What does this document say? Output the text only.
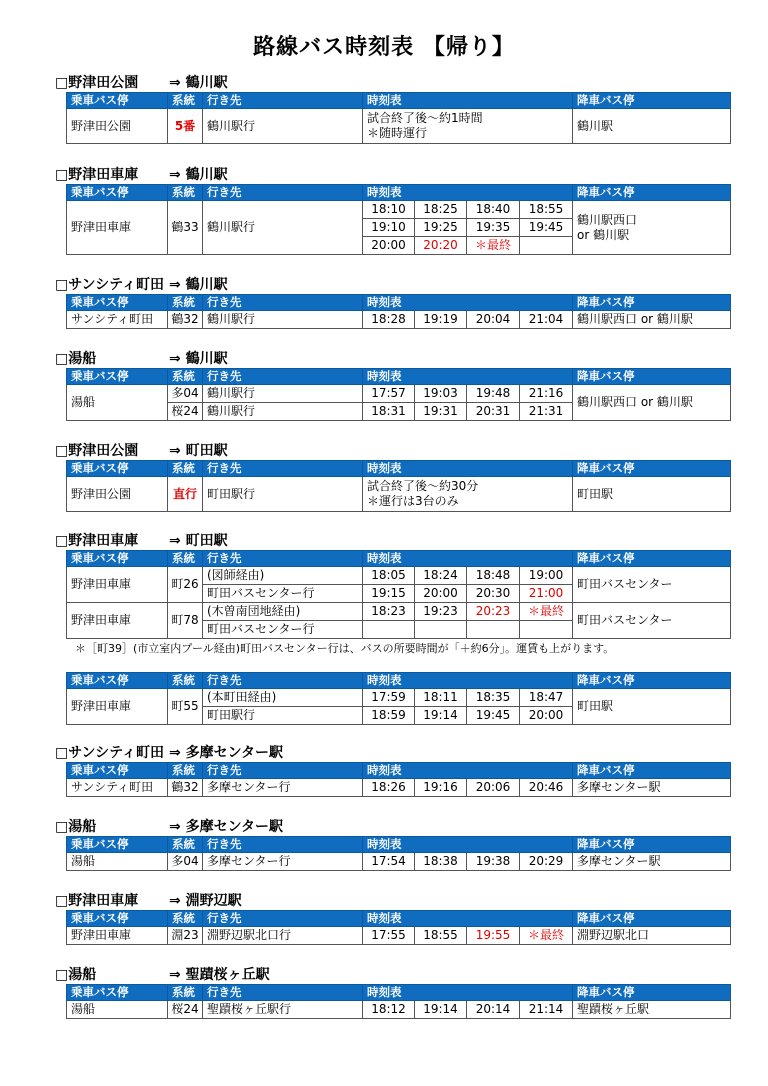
路線バス時刻表 【帰り】
□野津田公園 ⇒ 鶴川駅
乗車バス停	系統	行き先	時刻表	降車バス停
野津田公園	5番	鶴川駅行	試合終了後～約1時間
＊随時運行	鶴川駅
□野津田車庫 ⇒ 鶴川駅
乗車バス停	系統	行き先	時刻表				降車バス停
野津田車庫	鶴33	鶴川駅行	18:10	18:25	18:40	18:55	鶴川駅西口
or 鶴川駅

			19:10	19:25	19:35	19:45	
			20:00	20:20	＊最終		
□サンシティ町田 ⇒ 鶴川駅
乗車バス停	系統	行き先	時刻表				降車バス停
サンシティ町田	鶴32	鶴川駅行	18:28	19:19	20:04	21:04	鶴川駅西口 or 鶴川駅
□湯船	⇒ 鶴川駅
乗車バス停	系統	行き先	時刻表				降車バス停
湯船	多04	鶴川駅行	17:57	19:03	19:48	21:16	鶴川駅西口 or 鶴川駅
	桜24	鶴川駅行	18:31	19:31	20:31	21:31	
□野津田公園 ⇒ 町田駅
乗車バス停	系統	行き先	時刻表	降車バス停
野津田公園	直行	町田駅行	試合終了後～約30分
＊運行は3台のみ	町田駅
□野津田車庫 ⇒ 町田駅
乗車バス停	系統	行き先	時刻表				降車バス停
野津田車庫	町26	(図師経由)	18:05	18:24	18:48	19:00	町田バスセンター
		町田バスセンター行	19:15	20:00	20:30	21:00	
野津田車庫	町78	(木曽南団地経由)	18:23	19:23	20:23	＊最終	町田バスセンター
		町田バスセンター行					
＊［町39］(市立室内プール経由)町田バスセンター行は、バスの所要時間が「＋約6分」。運賃も上がります。
乗車バス停	系統	行き先	時刻表				降車バス停
野津田車庫	町55	(本町田経由)	17:59	18:11	18:35	18:47	町田駅
		町田駅行	18:59	19:14	19:45	20:00	
□サンシティ町田 ⇒ 多摩センター駅
乗車バス停	系統	行き先	時刻表				降車バス停
サンシティ町田	鶴32	多摩センター行	18:26	19:16	20:06	20:46	多摩センター駅
□湯船	⇒ 多摩センター駅
乗車バス停	系統	行き先	時刻表				降車バス停
湯船	多04	多摩センター行	17:54	18:38	19:38	20:29	多摩センター駅
□野津田車庫 ⇒ 淵野辺駅
乗車バス停	系統	行き先	時刻表				降車バス停
野津田車庫	淵23	淵野辺駅北口行	17:55	18:55	19:55	＊最終	淵野辺駅北口
□湯船	⇒ 聖蹟桜ヶ丘駅
乗車バス停	系統	行き先	時刻表				降車バス停
湯船	桜24	聖蹟桜ヶ丘駅行	18:12	19:14	20:14	21:14	聖蹟桜ヶ丘駅
